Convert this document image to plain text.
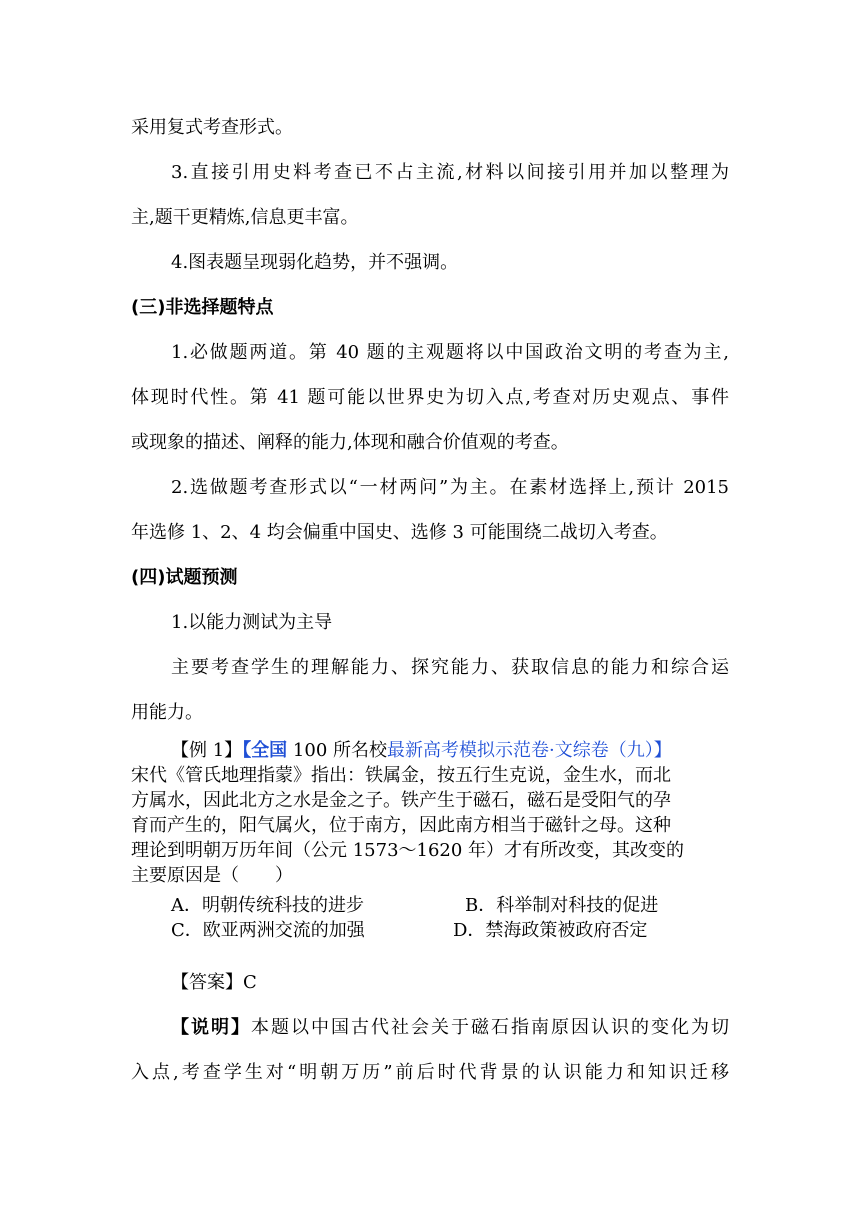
采用复式考查形式。
3.直接引用史料考查已不占主流,材料以间接引用并加以整理为
主,题干更精炼,信息更丰富。
4.图表题呈现弱化趋势，并不强调。
(三)非选择题特点
1.必做题两道。第 40 题的主观题将以中国政治文明的考查为主,
体现时代性。第 41 题可能以世界史为切入点,考查对历史观点、事件
或现象的描述、阐释的能力,体现和融合价值观的考查。
2.选做题考查形式以“一材两问”为主。在素材选择上,预计 2015
年选修 1、2、4 均会偏重中国史、选修 3 可能围绕二战切入考查。
(四)试题预测
1.以能力测试为主导
主要考查学生的理解能力、探究能力、获取信息的能力和综合运
用能力。
【例 1】【全国 100 所名校最新高考模拟示范卷·文综卷（九）】
宋代《管氏地理指蒙》指出：铁属金，按五行生克说，金生水，而北
方属水，因此北方之水是金之子。铁产生于磁石，磁石是受阳气的孕
育而产生的，阳气属火，位于南方，因此南方相当于磁针之母。这种
理论到明朝万历年间（公元 1573～1620 年）才有所改变，其改变的
主要原因是（　　）
A．明朝传统科技的进步	B．科举制对科技的促进
C．欧亚两洲交流的加强	D．禁海政策被政府否定
【答案】C
【说明】本题以中国古代社会关于磁石指南原因认识的变化为切
入点,考查学生对“明朝万历”前后时代背景的认识能力和知识迁移
